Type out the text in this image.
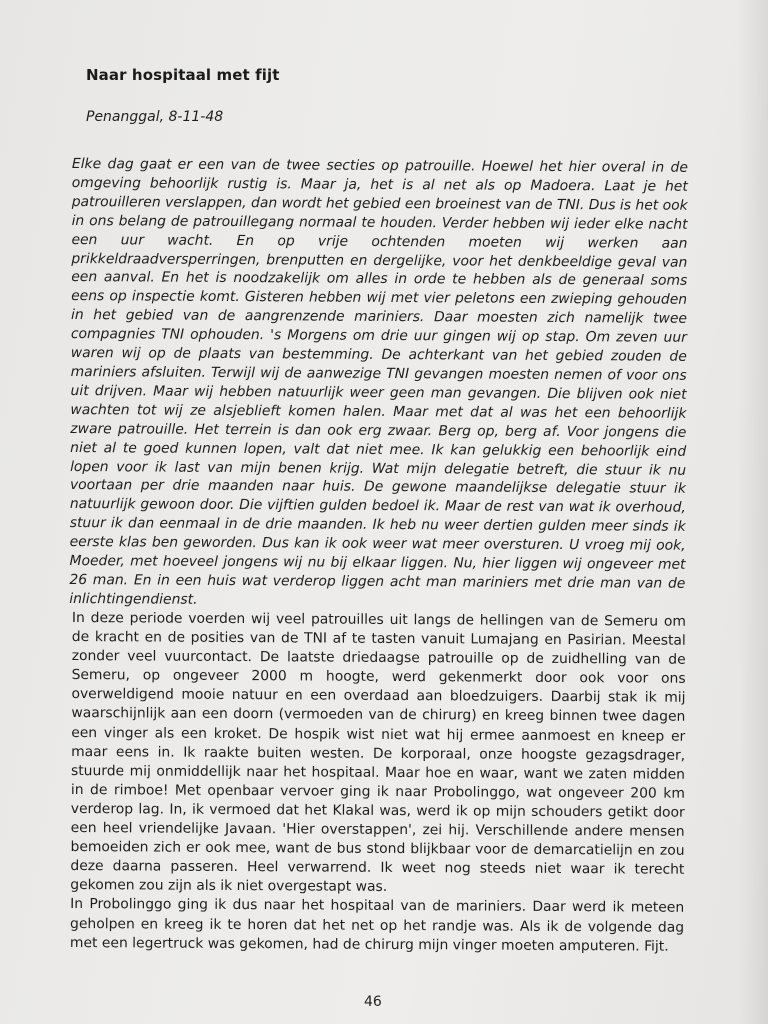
Naar hospitaal met fijt
Penanggal, 8-11-48

Elke dag gaat er een van de twee secties op patrouille. Hoewel het hier overal in de omgeving behoorlijk rustig is. Maar ja, het is al net als op Madoera. Laat je het patrouilleren verslappen, dan wordt het gebied een broeinest van de TNI. Dus is het ook in ons belang de patrouillegang normaal te houden. Verder hebben wij ieder elke nacht een uur wacht. En op vrije ochtenden moeten wij werken aan prikkeldraadversperringen, brenputten en dergelijke, voor het denkbeeldige geval van een aanval. En het is noodzakelijk om alles in orde te hebben als de generaal soms eens op inspectie komt. Gisteren hebben wij met vier peletons een zwieping gehouden in het gebied van de aangrenzende mariniers. Daar moesten zich namelijk twee compagnies TNI ophouden. 's Morgens om drie uur gingen wij op stap. Om zeven uur waren wij op de plaats van bestemming. De achterkant van het gebied zouden de mariniers afsluiten. Terwijl wij de aanwezige TNI gevangen moesten nemen of voor ons uit drijven. Maar wij hebben natuurlijk weer geen man gevangen. Die blijven ook niet wachten tot wij ze alsjeblieft komen halen. Maar met dat al was het een behoorlijk zware patrouille. Het terrein is dan ook erg zwaar. Berg op, berg af. Voor jongens die niet al te goed kunnen lopen, valt dat niet mee. Ik kan gelukkig een behoorlijk eind lopen voor ik last van mijn benen krijg. Wat mijn delegatie betreft, die stuur ik nu voortaan per drie maanden naar huis. De gewone maandelijkse delegatie stuur ik natuurlijk gewoon door. Die vijftien gulden bedoel ik. Maar de rest van wat ik overhoud, stuur ik dan eenmaal in de drie maanden. Ik heb nu weer dertien gulden meer sinds ik eerste klas ben geworden. Dus kan ik ook weer wat meer oversturen. U vroeg mij ook, Moeder, met hoeveel jongens wij nu bij elkaar liggen. Nu, hier liggen wij ongeveer met 26 man. En in een huis wat verderop liggen acht man mariniers met drie man van de inlichtingendienst.

In deze periode voerden wij veel patrouilles uit langs de hellingen van de Semeru om de kracht en de posities van de TNI af te tasten vanuit Lumajang en Pasirian. Meestal zonder veel vuurcontact. De laatste driedaagse patrouille op de zuidhelling van de Semeru, op ongeveer 2000 m hoogte, werd gekenmerkt door ook voor ons overweldigend mooie natuur en een overdaad aan bloedzuigers. Daarbij stak ik mij waarschijnlijk aan een doorn (vermoeden van de chirurg) en kreeg binnen twee dagen een vinger als een kroket. De hospik wist niet wat hij ermee aanmoest en kneep er maar eens in. Ik raakte buiten westen. De korporaal, onze hoogste gezagsdrager, stuurde mij onmiddellijk naar het hospitaal. Maar hoe en waar, want we zaten midden in de rimboe! Met openbaar vervoer ging ik naar Probolinggo, wat ongeveer 200 km verderop lag. In, ik vermoed dat het Klakal was, werd ik op mijn schouders getikt door een heel vriendelijke Javaan. 'Hier overstappen', zei hij. Verschillende andere mensen bemoeiden zich er ook mee, want de bus stond blijkbaar voor de demarcatielijn en zou deze daarna passeren. Heel verwarrend. Ik weet nog steeds niet waar ik terecht gekomen zou zijn als ik niet overgestapt was.

In Probolinggo ging ik dus naar het hospitaal van de mariniers. Daar werd ik meteen geholpen en kreeg ik te horen dat het net op het randje was. Als ik de volgende dag met een legertruck was gekomen, had de chirurg mijn vinger moeten amputeren. Fijt.

46
